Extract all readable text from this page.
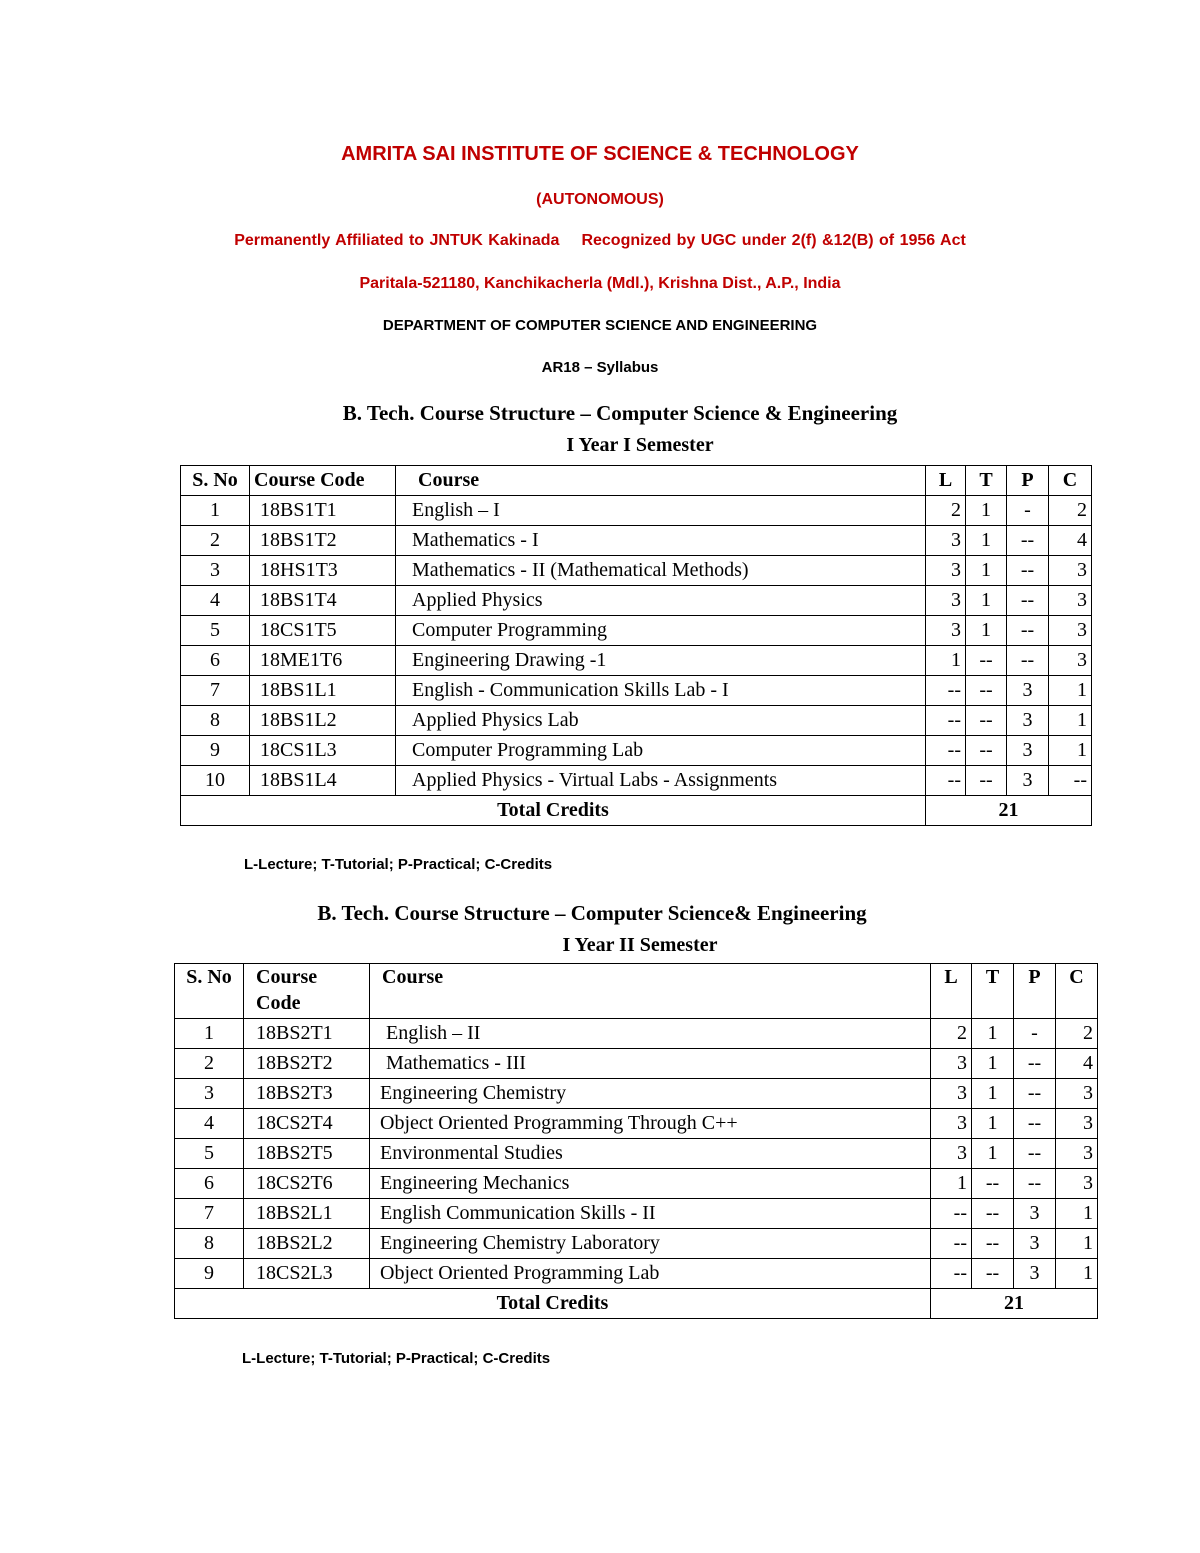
AMRITA SAI INSTITUTE OF SCIENCE & TECHNOLOGY
(AUTONOMOUS)
Permanently Affiliated to JNTUK Kakinada Recognized by UGC under 2(f) &12(B) of 1956 Act
Paritala-521180, Kanchikacherla (Mdl.), Krishna Dist., A.P., India
DEPARTMENT OF COMPUTER SCIENCE AND ENGINEERING
AR18 – Syllabus
B. Tech. Course Structure – Computer Science & Engineering
I Year I Semester
S. No	Course Code	Course	L	T	P	C
1	18BS1T1	English – I	2	1	-	2
2	18BS1T2	Mathematics - I	3	1	--	4
3	18HS1T3	Mathematics - II (Mathematical Methods)	3	1	--	3
4	18BS1T4	Applied Physics	3	1	--	3
5	18CS1T5	Computer Programming	3	1	--	3
6	18ME1T6	Engineering Drawing -1	1	--	--	3
7	18BS1L1	English - Communication Skills Lab - I	--	--	3	1
8	18BS1L2	Applied Physics Lab	--	--	3	1
9	18CS1L3	Computer Programming Lab	--	--	3	1
10	18BS1L4	Applied Physics - Virtual Labs - Assignments	--	--	3	--
Total Credits			21			
L-Lecture; T-Tutorial; P-Practical; C-Credits
B. Tech. Course Structure – Computer Science& Engineering
I Year II Semester
S. No	Course Code	Course	L	T	P	C
1	18BS2T1	English – II	2	1	-	2
2	18BS2T2	Mathematics - III	3	1	--	4
3	18BS2T3	Engineering Chemistry	3	1	--	3
4	18CS2T4	Object Oriented Programming Through C++	3	1	--	3
5	18BS2T5	Environmental Studies	3	1	--	3
6	18CS2T6	Engineering Mechanics	1	--	--	3
7	18BS2L1	English Communication Skills - II	--	--	3	1
8	18BS2L2	Engineering Chemistry Laboratory	--	--	3	1
9	18CS2L3	Object Oriented Programming Lab	--	--	3	1
Total Credits			21			
L-Lecture; T-Tutorial; P-Practical; C-Credits
